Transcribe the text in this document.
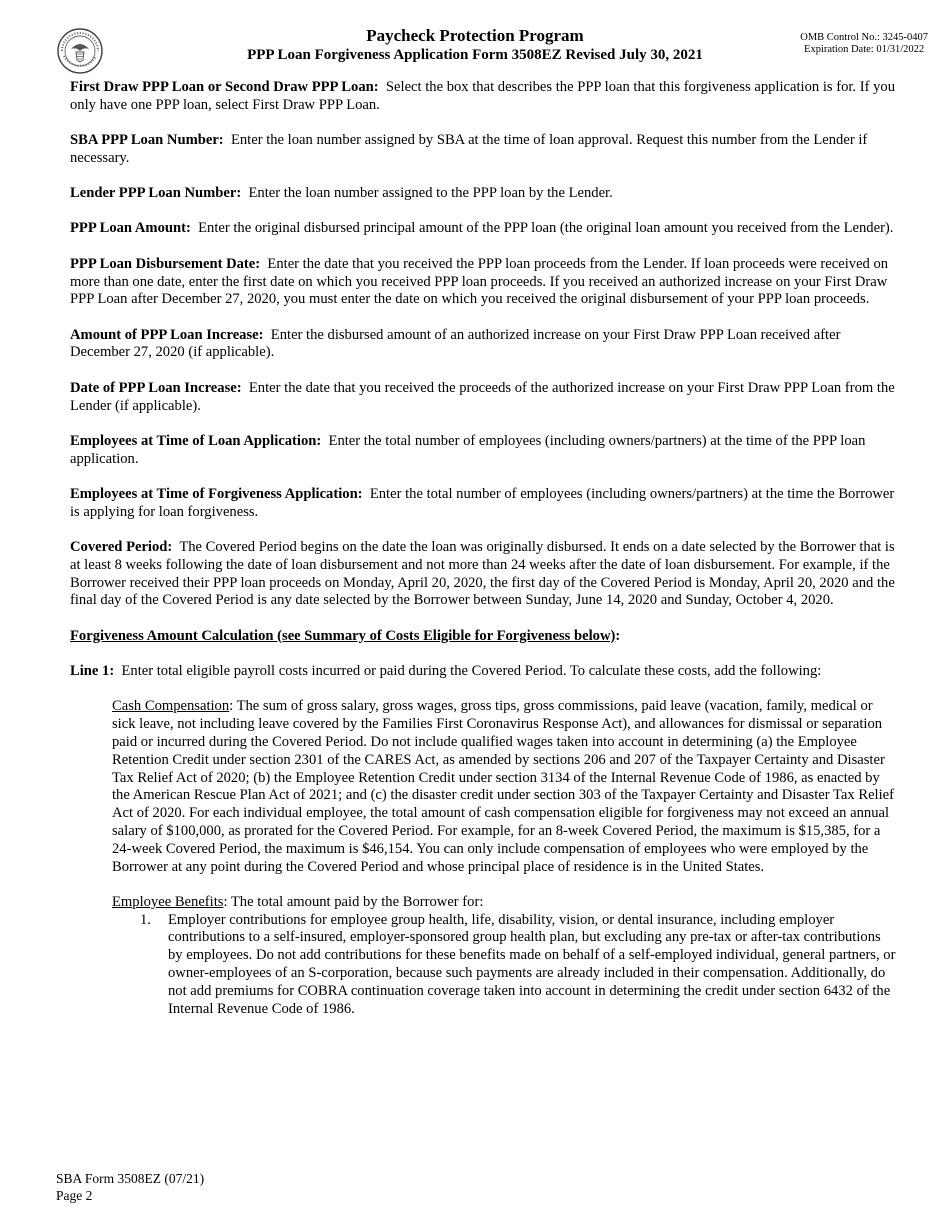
Paycheck Protection Program
PPP Loan Forgiveness Application Form 3508EZ Revised July 30, 2021
OMB Control No.: 3245-0407
Expiration Date: 01/31/2022

First Draw PPP Loan or Second Draw PPP Loan: Select the box that describes the PPP loan that this forgiveness application is for. If you only have one PPP loan, select First Draw PPP Loan.

SBA PPP Loan Number: Enter the loan number assigned by SBA at the time of loan approval. Request this number from the Lender if necessary.

Lender PPP Loan Number: Enter the loan number assigned to the PPP loan by the Lender.

PPP Loan Amount: Enter the original disbursed principal amount of the PPP loan (the original loan amount you received from the Lender).

PPP Loan Disbursement Date: Enter the date that you received the PPP loan proceeds from the Lender. If loan proceeds were received on more than one date, enter the first date on which you received PPP loan proceeds. If you received an authorized increase on your First Draw PPP Loan after December 27, 2020, you must enter the date on which you received the original disbursement of your PPP loan proceeds.

Amount of PPP Loan Increase: Enter the disbursed amount of an authorized increase on your First Draw PPP Loan received after December 27, 2020 (if applicable).

Date of PPP Loan Increase: Enter the date that you received the proceeds of the authorized increase on your First Draw PPP Loan from the Lender (if applicable).

Employees at Time of Loan Application: Enter the total number of employees (including owners/partners) at the time of the PPP loan application.

Employees at Time of Forgiveness Application: Enter the total number of employees (including owners/partners) at the time the Borrower is applying for loan forgiveness.

Covered Period: The Covered Period begins on the date the loan was originally disbursed. It ends on a date selected by the Borrower that is at least 8 weeks following the date of loan disbursement and not more than 24 weeks after the date of loan disbursement. For example, if the Borrower received their PPP loan proceeds on Monday, April 20, 2020, the first day of the Covered Period is Monday, April 20, 2020 and the final day of the Covered Period is any date selected by the Borrower between Sunday, June 14, 2020 and Sunday, October 4, 2020.

Forgiveness Amount Calculation (see Summary of Costs Eligible for Forgiveness below):

Line 1: Enter total eligible payroll costs incurred or paid during the Covered Period. To calculate these costs, add the following:

Cash Compensation: The sum of gross salary, gross wages, gross tips, gross commissions, paid leave (vacation, family, medical or sick leave, not including leave covered by the Families First Coronavirus Response Act), and allowances for dismissal or separation paid or incurred during the Covered Period. Do not include qualified wages taken into account in determining (a) the Employee Retention Credit under section 2301 of the CARES Act, as amended by sections 206 and 207 of the Taxpayer Certainty and Disaster Tax Relief Act of 2020; (b) the Employee Retention Credit under section 3134 of the Internal Revenue Code of 1986, as enacted by the American Rescue Plan Act of 2021; and (c) the disaster credit under section 303 of the Taxpayer Certainty and Disaster Tax Relief Act of 2020. For each individual employee, the total amount of cash compensation eligible for forgiveness may not exceed an annual salary of $100,000, as prorated for the Covered Period. For example, for an 8-week Covered Period, the maximum is $15,385, for a 24-week Covered Period, the maximum is $46,154. You can only include compensation of employees who were employed by the Borrower at any point during the Covered Period and whose principal place of residence is in the United States.

Employee Benefits: The total amount paid by the Borrower for:

1.	Employer contributions for employee group health, life, disability, vision, or dental insurance, including employer contributions to a self-insured, employer-sponsored group health plan, but excluding any pre-tax or after-tax contributions by employees. Do not add contributions for these benefits made on behalf of a self-employed individual, general partners, or owner-employees of an S-corporation, because such payments are already included in their compensation. Additionally, do not add premiums for COBRA continuation coverage taken into account in determining the credit under section 6432 of the Internal Revenue Code of 1986.
SBA Form 3508EZ (07/21)
Page 2
